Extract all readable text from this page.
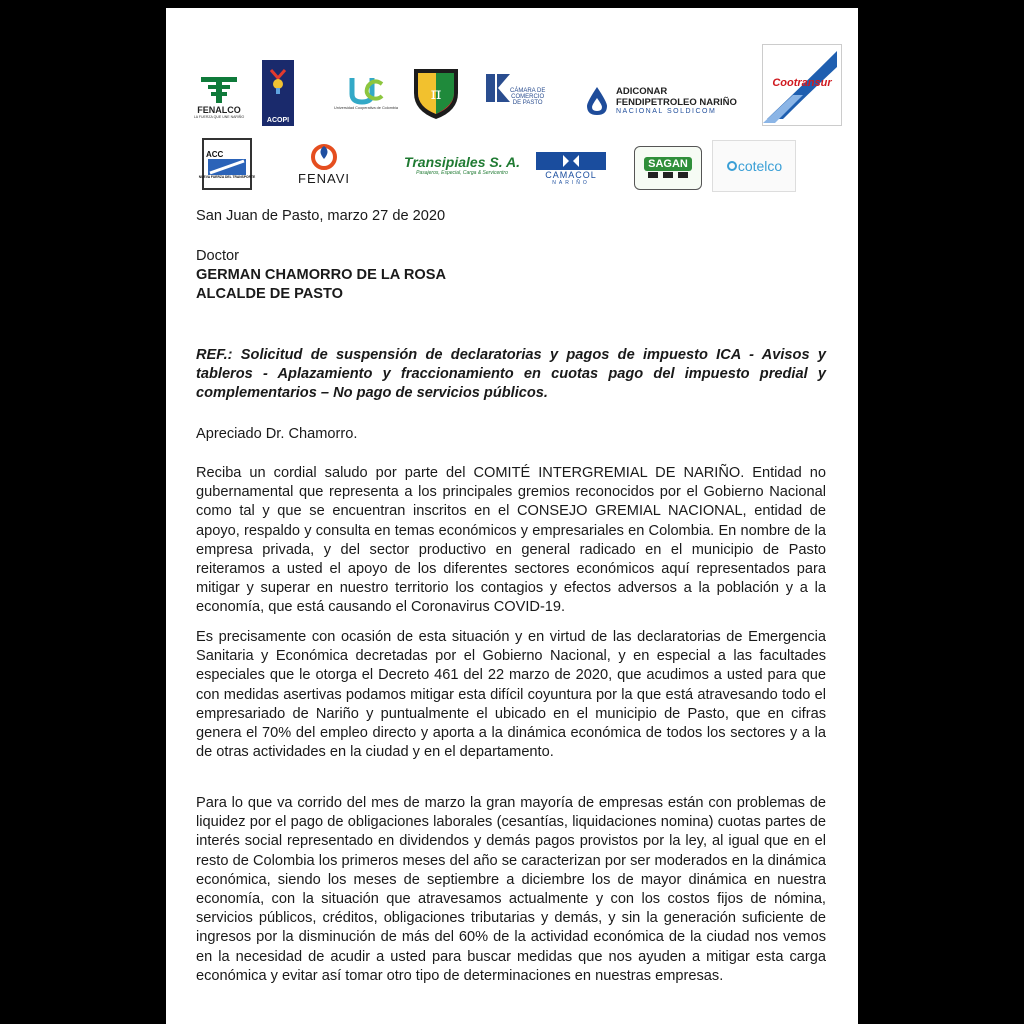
FENALCO
LA FUERZA QUE UNE NARIÑO	ACOPI
Universidad Cooperativa de Colombia
π	CÁMARA DE
COMERCIO
DE PASTO
ADICONAR
FENDIPETROLEO NARIÑO
NACIONAL SOLDICOM
Cootransur
ACC
NUEVA FUERZA DEL TRANSPORTE	FENAVI
Transipiales S. A.
Pasajeros, Especial, Carga & Servicentro	CAMACOL
NARIÑO
SAGAN	cotelco
San Juan de Pasto, marzo 27 de 2020
Doctor
GERMAN CHAMORRO DE LA ROSA
ALCALDE DE PASTO
REF.: Solicitud de suspensión de declaratorias y pagos de impuesto ICA - Avisos y tableros - Aplazamiento y fraccionamiento en cuotas pago del impuesto predial y complementarios – No pago de servicios públicos.
Apreciado Dr. Chamorro.
Reciba un cordial saludo por parte del COMITÉ INTERGREMIAL DE NARIÑO. Entidad no gubernamental que representa a los principales gremios reconocidos por el Gobierno Nacional como tal y que se encuentran inscritos en el CONSEJO GREMIAL NACIONAL, entidad de apoyo, respaldo y consulta en temas económicos y empresariales en Colombia. En nombre de la empresa privada, y del sector productivo en general radicado en el municipio de Pasto reiteramos a usted el apoyo de los diferentes sectores económicos aquí representados para mitigar y superar en nuestro territorio los contagios y efectos adversos a la población y a la economía, que está causando el Coronavirus COVID-19.
Es precisamente con ocasión de esta situación y en virtud de las declaratorias de Emergencia Sanitaria y Económica decretadas por el Gobierno Nacional, y en especial a las facultades especiales que le otorga el Decreto 461 del 22 marzo de 2020, que acudimos a usted para que con medidas asertivas podamos mitigar esta difícil coyuntura por la que está atravesando todo el empresariado de Nariño y puntualmente el ubicado en el municipio de Pasto, que en cifras genera el 70% del empleo directo y aporta a la dinámica económica de todos los sectores y a la de otras actividades en la ciudad y en el departamento.
Para lo que va corrido del mes de marzo la gran mayoría de empresas están con problemas de liquidez por el pago de obligaciones laborales (cesantías, liquidaciones nomina) cuotas partes de interés social representado en dividendos y demás pagos provistos por la ley, al igual que en el resto de Colombia los primeros meses del año se caracterizan por ser moderados en la dinámica económica, siendo los meses de septiembre a diciembre los de mayor dinámica en nuestra economía, con la situación que atravesamos actualmente y con los costos fijos de nómina, servicios públicos, créditos, obligaciones tributarias y demás, y sin la generación suficiente de ingresos por la disminución de más del 60% de la actividad económica de la ciudad nos vemos en la necesidad de acudir a usted para buscar medidas que nos ayuden a mitigar esta carga económica y evitar así tomar otro tipo de determinaciones en nuestras empresas.
